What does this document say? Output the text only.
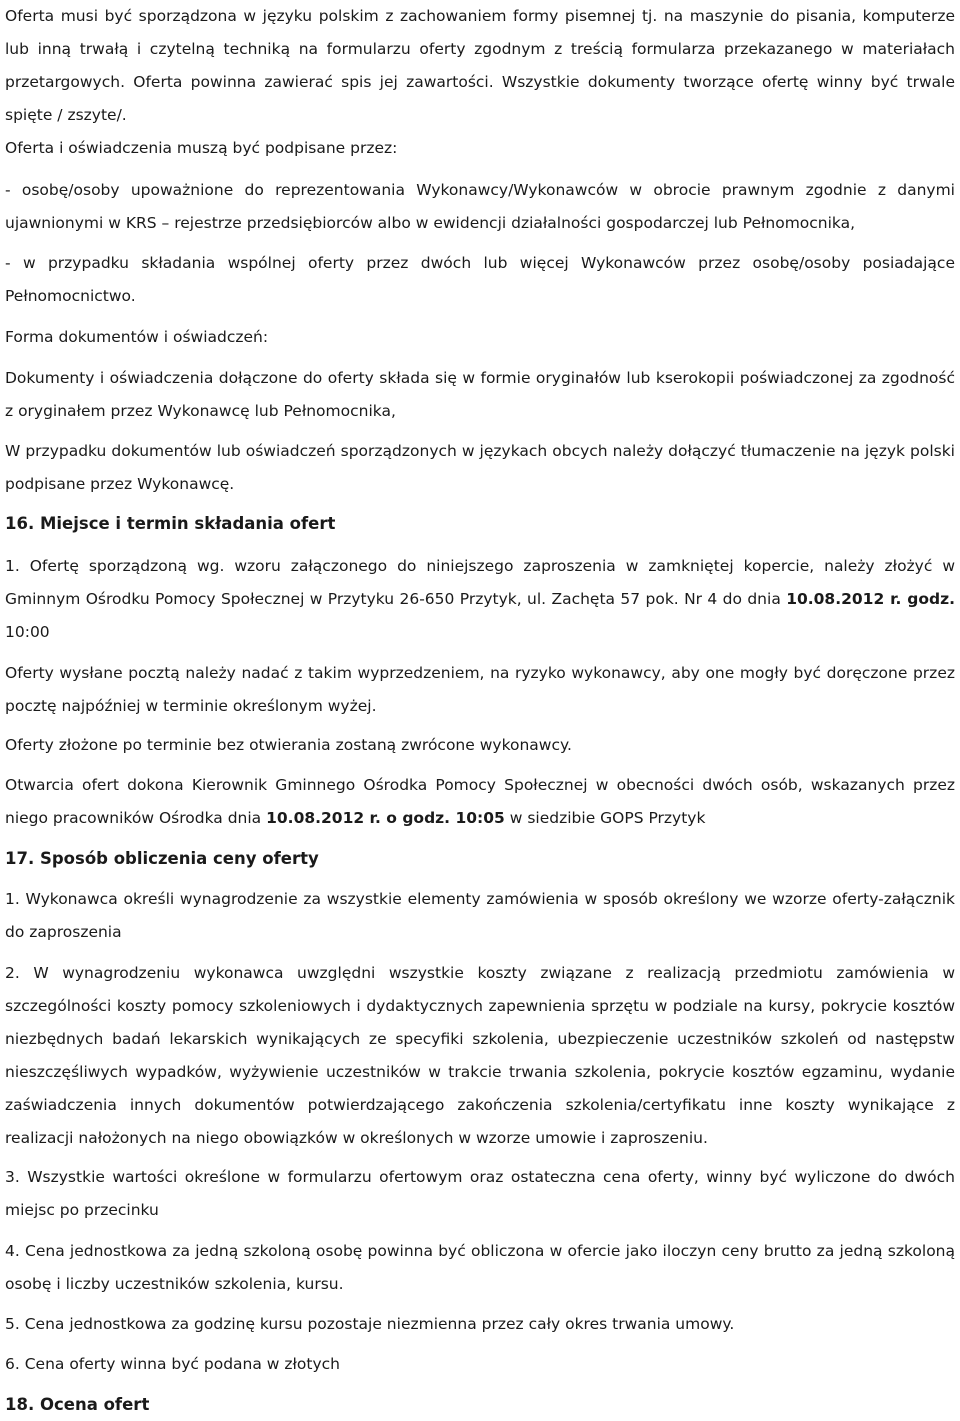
Oferta musi być sporządzona w języku polskim z zachowaniem formy pisemnej tj. na maszynie do pisania, komputerze lub inną trwałą i czytelną techniką na formularzu oferty zgodnym z treścią formularza przekazanego w materiałach przetargowych. Oferta powinna zawierać spis jej zawartości. Wszystkie dokumenty tworzące ofertę winny być trwale spięte / zszyte/.

Oferta i oświadczenia muszą być podpisane przez:

- osobę/osoby upoważnione do reprezentowania Wykonawcy/Wykonawców w obrocie prawnym zgodnie z danymi ujawnionymi w KRS – rejestrze przedsiębiorców albo w ewidencji działalności gospodarczej lub Pełnomocnika,

- w przypadku składania wspólnej oferty przez dwóch lub więcej Wykonawców przez osobę/osoby posiadające Pełnomocnictwo.

Forma dokumentów i oświadczeń:

Dokumenty i oświadczenia dołączone do oferty składa się w formie oryginałów lub kserokopii poświadczonej za zgodność z oryginałem przez Wykonawcę lub Pełnomocnika,

W przypadku dokumentów lub oświadczeń sporządzonych w językach obcych należy dołączyć tłumaczenie na język polski podpisane przez Wykonawcę.

16. Miejsce i termin składania ofert

1. Ofertę sporządzoną wg. wzoru załączonego do niniejszego zaproszenia w zamkniętej kopercie, należy złożyć w Gminnym Ośrodku Pomocy Społecznej w Przytyku 26-650 Przytyk, ul. Zachęta 57 pok. Nr 4 do dnia 10.08.2012 r. godz. 10:00

Oferty wysłane pocztą należy nadać z takim wyprzedzeniem, na ryzyko wykonawcy, aby one mogły być doręczone przez pocztę najpóźniej w terminie określonym wyżej.

Oferty złożone po terminie bez otwierania zostaną zwrócone wykonawcy.

Otwarcia ofert dokona Kierownik Gminnego Ośrodka Pomocy Społecznej w obecności dwóch osób, wskazanych przez niego pracowników Ośrodka dnia 10.08.2012 r. o godz. 10:05 w siedzibie GOPS Przytyk

17. Sposób obliczenia ceny oferty

1. Wykonawca określi wynagrodzenie za wszystkie elementy zamówienia w sposób określony we wzorze oferty-załącznik do zaproszenia

2. W wynagrodzeniu wykonawca uwzględni wszystkie koszty związane z realizacją przedmiotu zamówienia w szczególności koszty pomocy szkoleniowych i dydaktycznych zapewnienia sprzętu w podziale na kursy, pokrycie kosztów niezbędnych badań lekarskich wynikających ze specyfiki szkolenia, ubezpieczenie uczestników szkoleń od następstw nieszczęśliwych wypadków, wyżywienie uczestników w trakcie trwania szkolenia, pokrycie kosztów egzaminu, wydanie zaświadczenia innych dokumentów potwierdzającego zakończenia szkolenia/certyfikatu inne koszty wynikające z realizacji nałożonych na niego obowiązków w określonych w wzorze umowie i zaproszeniu.

3. Wszystkie wartości określone w formularzu ofertowym oraz ostateczna cena oferty, winny być wyliczone do dwóch miejsc po przecinku

4. Cena jednostkowa za jedną szkoloną osobę powinna być obliczona w ofercie jako iloczyn ceny brutto za jedną szkoloną osobę i liczby uczestników szkolenia, kursu.

5. Cena jednostkowa za godzinę kursu pozostaje niezmienna przez cały okres trwania umowy.

6. Cena oferty winna być podana w złotych

18. Ocena ofert
